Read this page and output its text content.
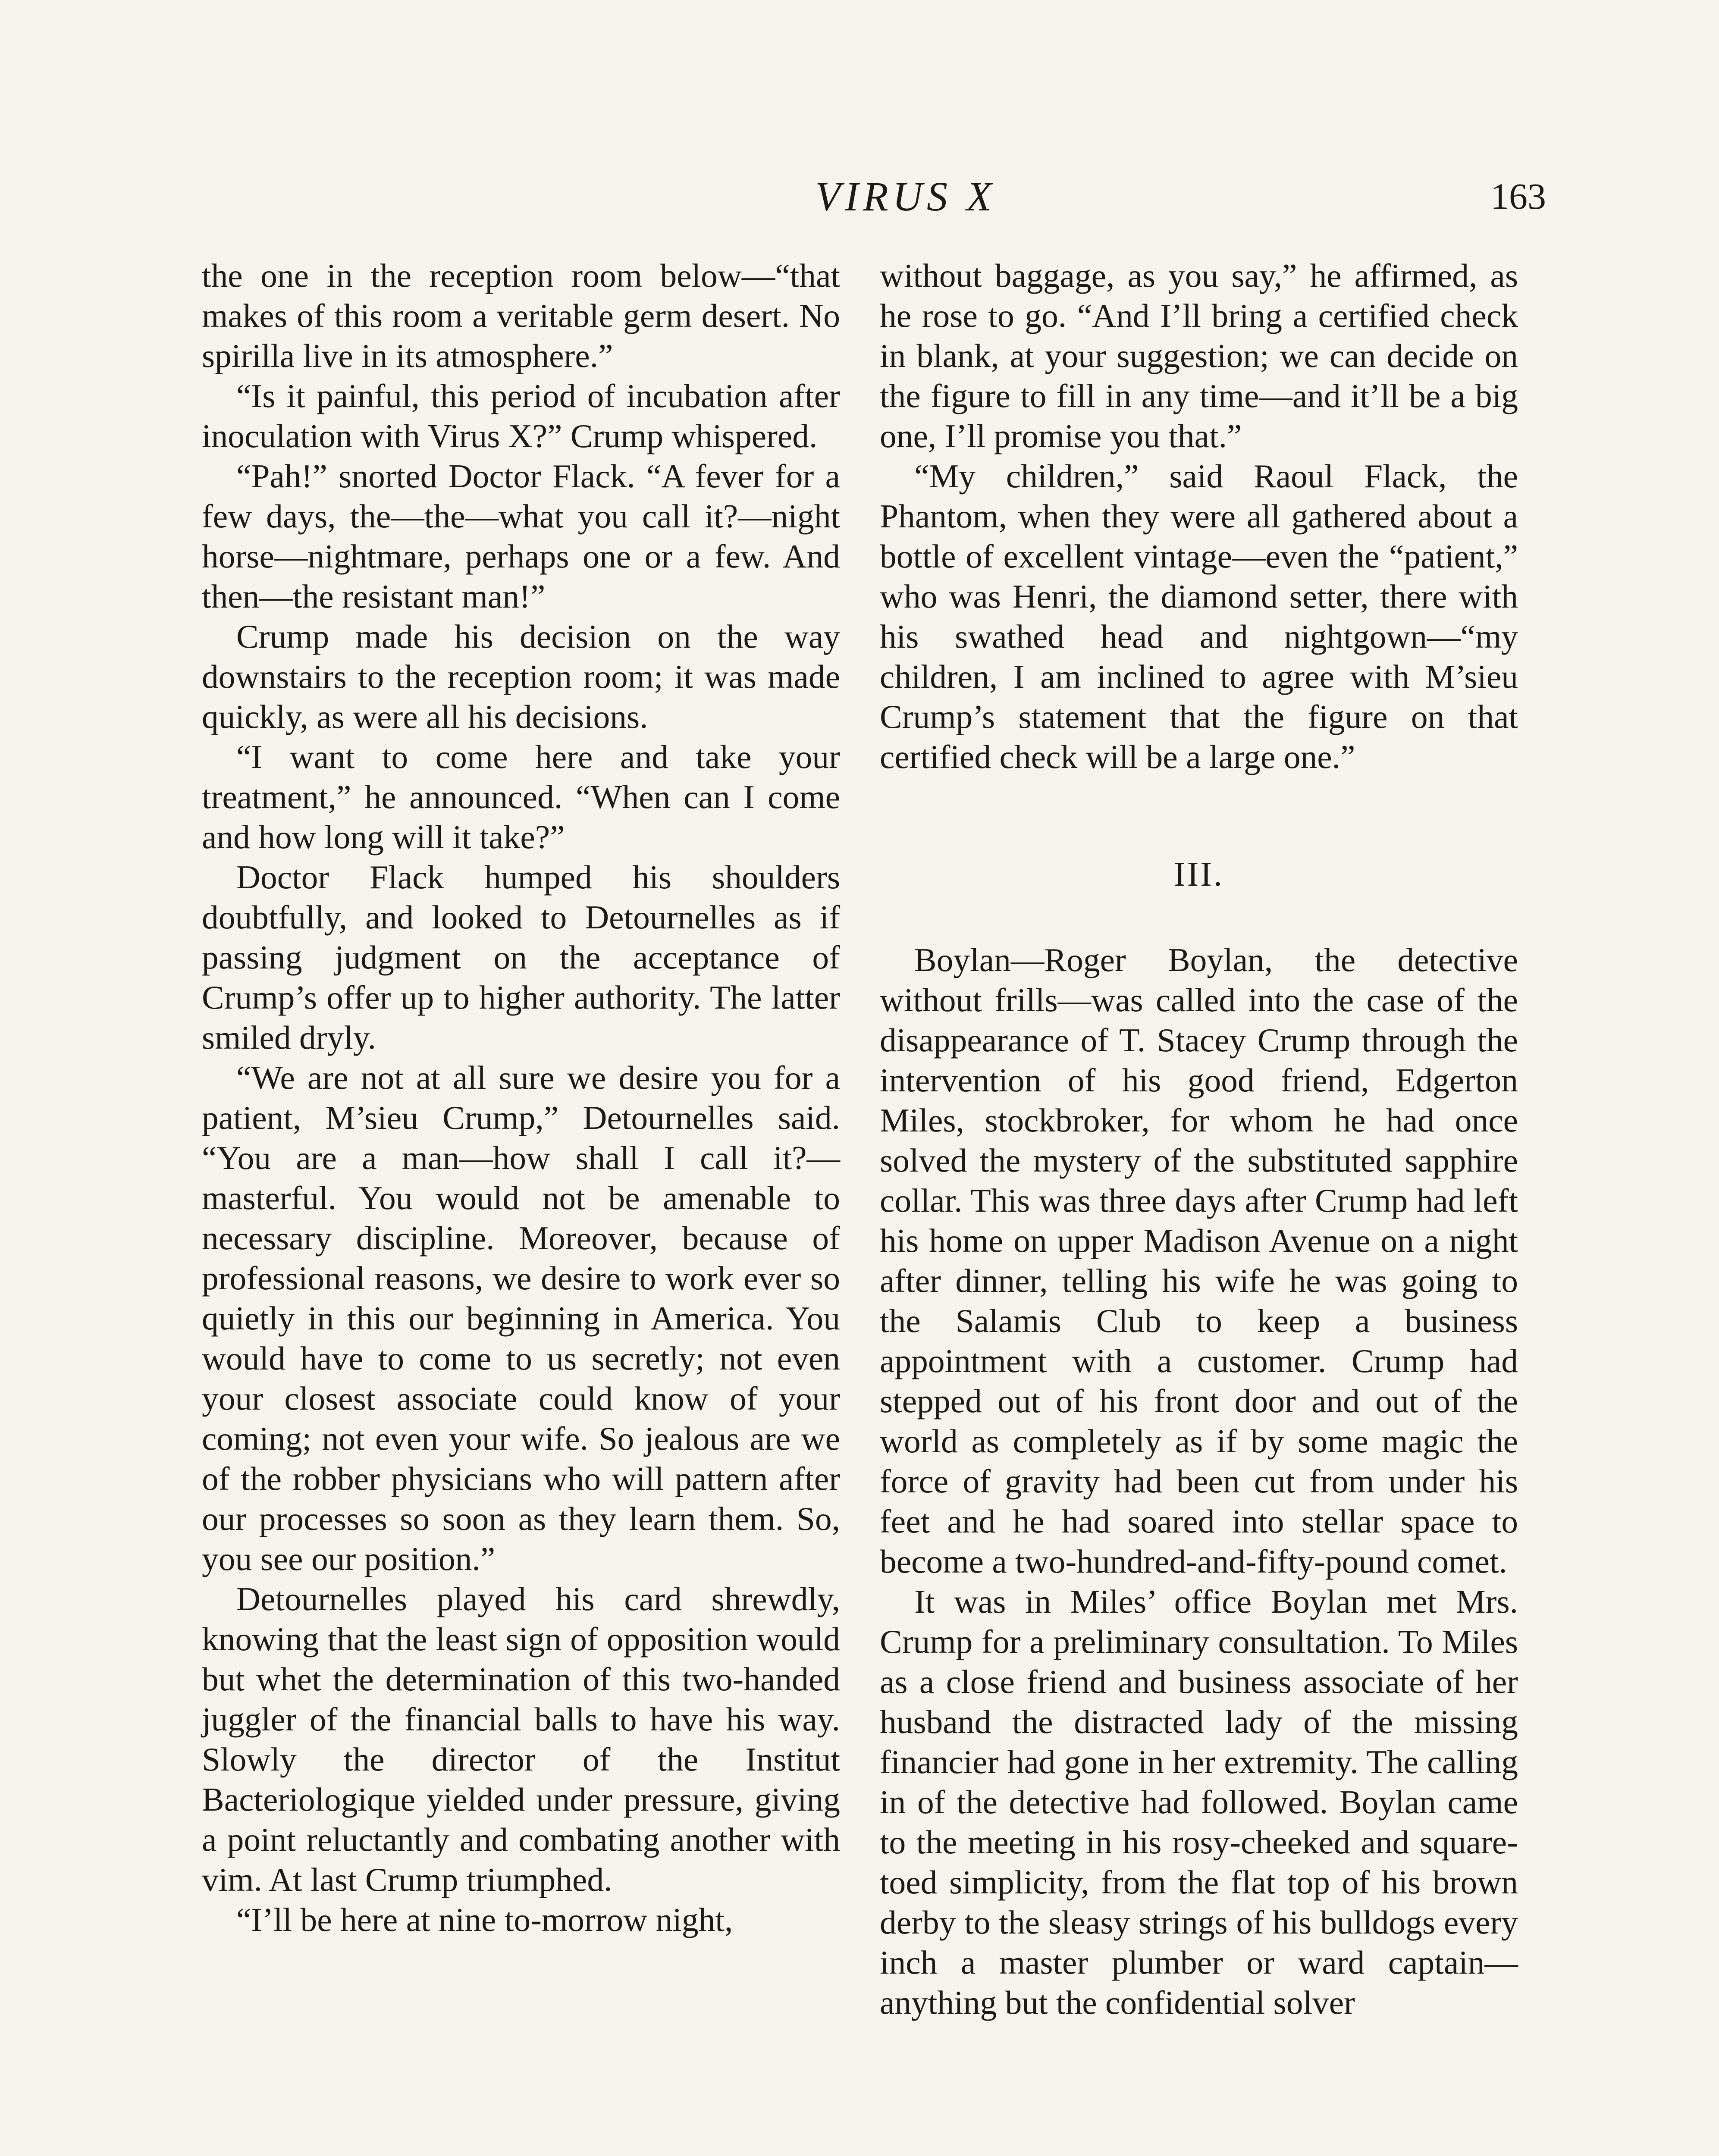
VIRUS X	163

the one in the reception room below—“that makes of this room a veritable germ desert. No spirilla live in its atmosphere.”

“Is it painful, this period of incubation after inoculation with Virus X?” Crump whispered.

“Pah!” snorted Doctor Flack. “A fever for a few days, the—the—what you call it?—night horse—nightmare, perhaps one or a few. And then—the resistant man!”

Crump made his decision on the way downstairs to the reception room; it was made quickly, as were all his decisions.

“I want to come here and take your treatment,” he announced. “When can I come and how long will it take?”

Doctor Flack humped his shoulders doubtfully, and looked to Detournelles as if passing judgment on the acceptance of Crump’s offer up to higher authority. The latter smiled dryly.

“We are not at all sure we desire you for a patient, M’sieu Crump,” Detournelles said. “You are a man—how shall I call it?—masterful. You would not be amenable to necessary discipline. Moreover, because of professional reasons, we desire to work ever so quietly in this our beginning in America. You would have to come to us secretly; not even your closest associate could know of your coming; not even your wife. So jealous are we of the robber physicians who will pattern after our processes so soon as they learn them. So, you see our position.”

Detournelles played his card shrewdly, knowing that the least sign of opposition would but whet the determination of this two-handed juggler of the financial balls to have his way. Slowly the director of the Institut Bacteriologique yielded under pressure, giving a point reluctantly and combating another with vim. At last Crump triumphed.

“I’ll be here at nine to-morrow night,

without baggage, as you say,” he affirmed, as he rose to go. “And I’ll bring a certified check in blank, at your suggestion; we can decide on the figure to fill in any time—and it’ll be a big one, I’ll promise you that.”

“My children,” said Raoul Flack, the Phantom, when they were all gathered about a bottle of excellent vintage—even the “patient,” who was Henri, the diamond setter, there with his swathed head and nightgown—“my children, I am inclined to agree with M’sieu Crump’s statement that the figure on that certified check will be a large one.”

III.

Boylan—Roger Boylan, the detective without frills—was called into the case of the disappearance of T. Stacey Crump through the intervention of his good friend, Edgerton Miles, stockbroker, for whom he had once solved the mystery of the substituted sapphire collar. This was three days after Crump had left his home on upper Madison Avenue on a night after dinner, telling his wife he was going to the Salamis Club to keep a business appointment with a customer. Crump had stepped out of his front door and out of the world as completely as if by some magic the force of gravity had been cut from under his feet and he had soared into stellar space to become a two-hundred-and-fifty-pound comet.

It was in Miles’ office Boylan met Mrs. Crump for a preliminary consultation. To Miles as a close friend and business associate of her husband the distracted lady of the missing financier had gone in her extremity. The calling in of the detective had followed. Boylan came to the meeting in his rosy-cheeked and square-toed simplicity, from the flat top of his brown derby to the sleasy strings of his bulldogs every inch a master plumber or ward captain—anything but the confidential solver
